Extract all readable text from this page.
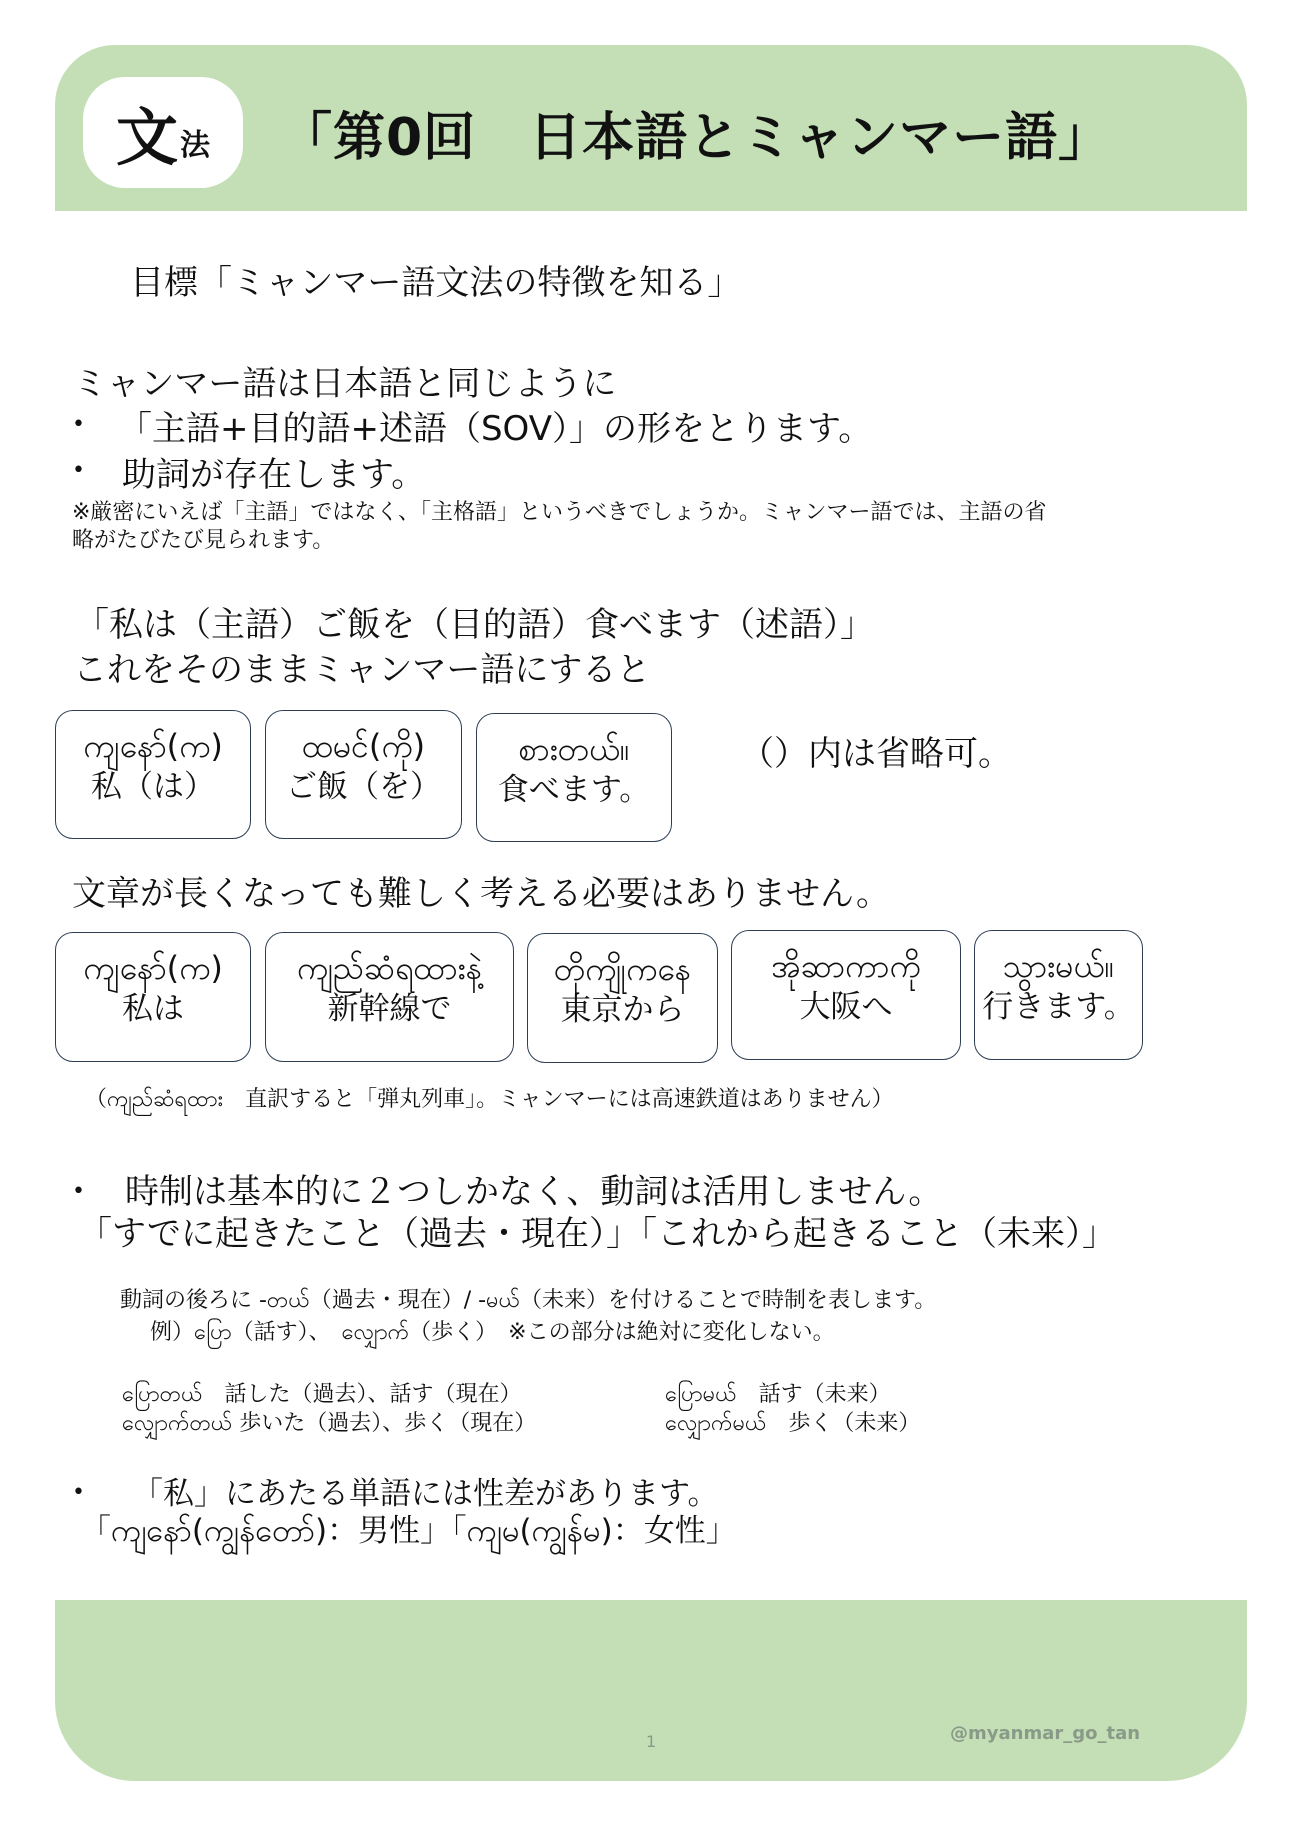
文 法 「第0回　日本語とミャンマー語」
目標「ミャンマー語文法の特徴を知る」
ミャンマー語は日本語と同じように
• 「主語+目的語+述語（SOV）」の形をとります。
• 助詞が存在します。
※厳密にいえば「主語」ではなく、「主格語」というべきでしょうか。ミャンマー語では、主語の省
略がたびたび見られます。
「私は（主語）ご飯を（目的語）食べます（述語）」
これをそのままミャンマー語にすると
ကျနော်(က)
私（は）
ထမင်(ကို)
ご飯（を）
စားတယ်။
食べます。
（）内は省略可。
文章が長くなっても難しく考える必要はありません。
ကျနော်(က)
私は
ကျည်ဆံရထားနဲ့
新幹線で
တိုကျိုကနေ
東京から
အိုဆာကာကို
大阪へ
သွားမယ်။
行きます。
（ကျည်ဆံရထား　直訳すると「弾丸列車」。ミャンマーには高速鉄道はありません）
• 時制は基本的に２つしかなく、動詞は活用しません。
「すでに起きたこと（過去・現在）」「これから起きること（未来）」
動詞の後ろに -တယ်（過去・現在）/ -မယ်（未来）を付けることで時制を表します。
例）ပြော（話す）、　လျှောက်（歩く）　※この部分は絶対に変化しない。
ပြောတယ်　話した（過去）、話す（現在）	ပြောမယ်　話す（未来）
လျှောက်တယ် 歩いた（過去）、歩く（現在）	လျှောက်မယ်　歩く（未来）
• 「私」にあたる単語には性差があります。
「ကျနော်(ကျွန်တော်)：男性」「ကျမ(ကျွန်မ)：女性」
1	@myanmar_go_tan
